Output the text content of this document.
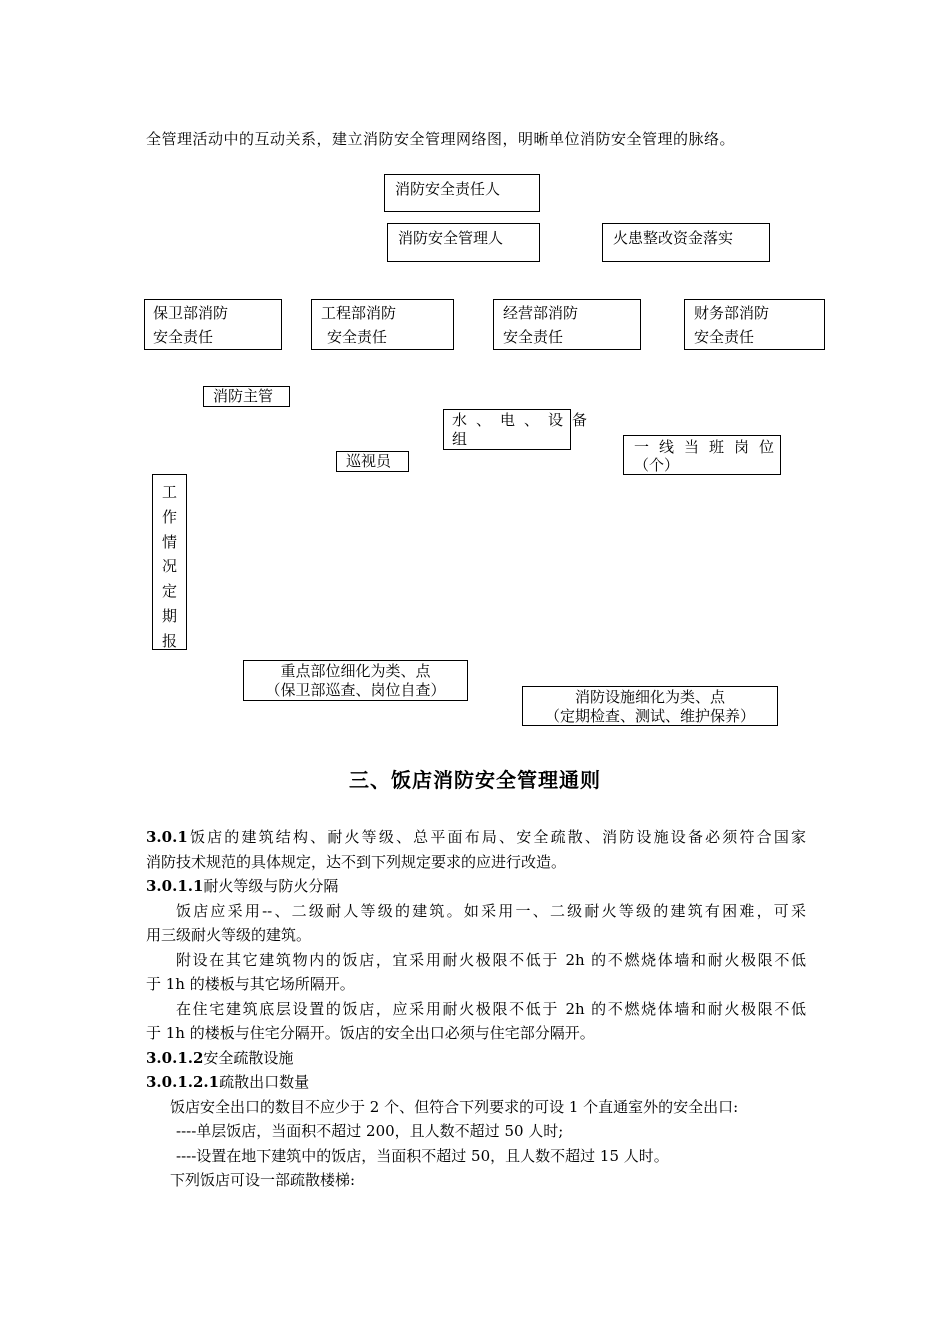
全管理活动中的互动关系，建立消防安全管理网络图，明晰单位消防安全管理的脉络。
消防安全责任人
消防安全管理人	火患整改资金落实
保卫部消防
安全责任
工程部消防
安全责任
经营部消防
安全责任
财务部消防
安全责任
消防主管
水、电、设备
组
巡视员
一线当班岗位
（个）
工
作
情
况
定
期
报
重点部位细化为类、点
（保卫部巡查、岗位自查）	消防设施细化为类、点
（定期检查、测试、维护保养）
三、饭店消防安全管理通则

3.0.1饭店的建筑结构、耐火等级、总平面布局、安全疏散、消防设施设备必须符合国家

消防技术规范的具体规定，达不到下列规定要求的应进行改造。

3.0.1.1耐火等级与防火分隔

饭店应采用--、二级耐人等级的建筑。如采用一、二级耐火等级的建筑有困难，可采

用三级耐火等级的建筑。

附设在其它建筑物内的饭店，宜采用耐火极限不低于 2h 的不燃烧体墙和耐火极限不低

于 1h 的楼板与其它场所隔开。

在住宅建筑底层设置的饭店，应采用耐火极限不低于 2h 的不燃烧体墙和耐火极限不低

于 1h 的楼板与住宅分隔开。饭店的安全出口必须与住宅部分隔开。

3.0.1.2安全疏散设施

3.0.1.2.1疏散出口数量

饭店安全出口的数目不应少于 2 个、但符合下列要求的可设 1 个直通室外的安全出口:

----单层饭店，当面积不超过 200，且人数不超过 50 人时;

----设置在地下建筑中的饭店，当面积不超过 50，且人数不超过 15 人时。

下列饭店可设一部疏散楼梯:
